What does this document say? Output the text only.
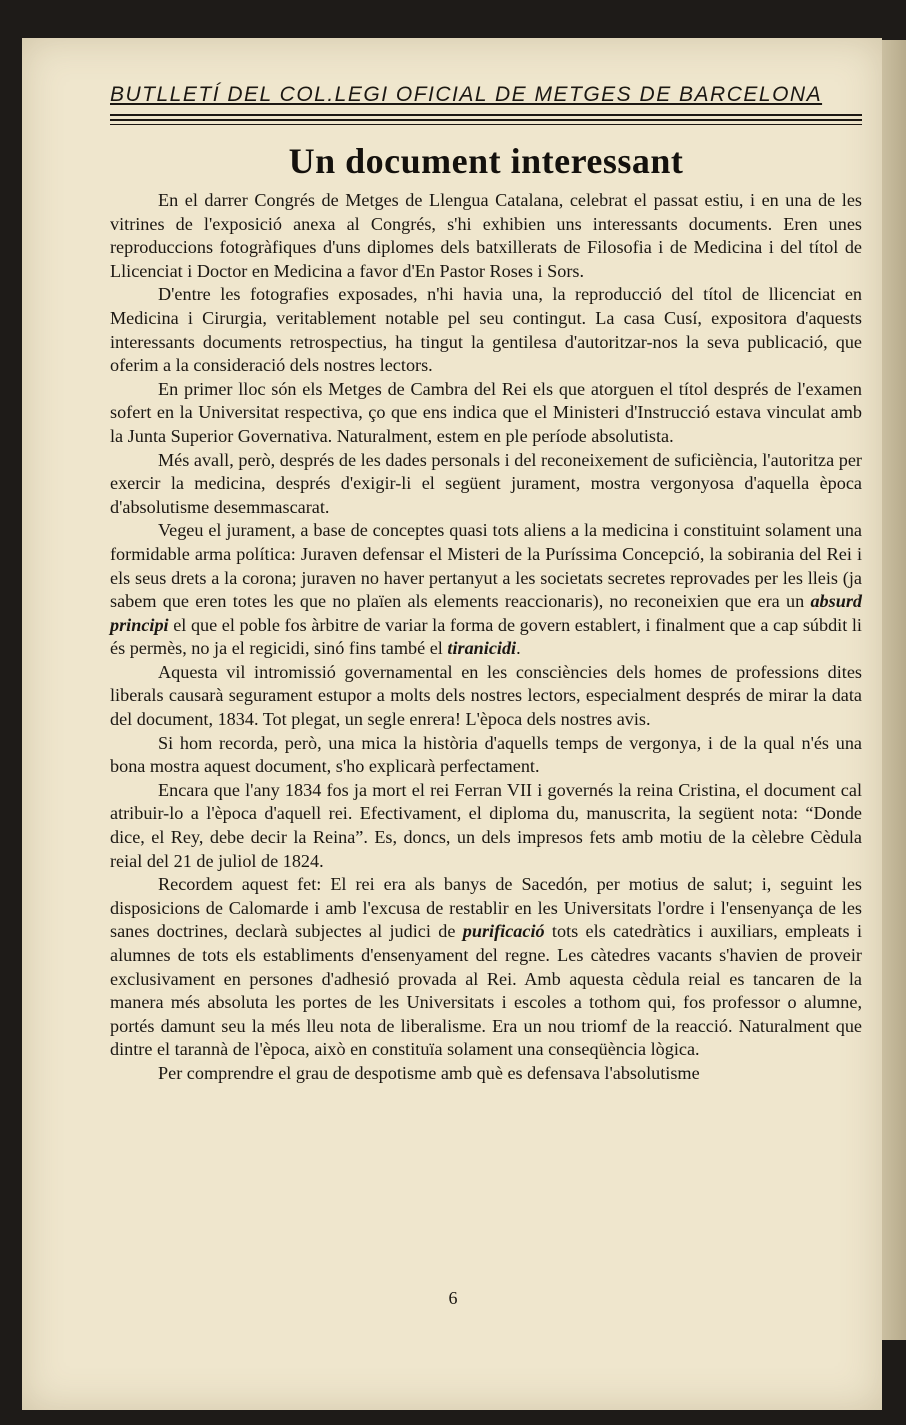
BUTLLETÍ DEL COL.LEGI OFICIAL DE METGES DE BARCELONA
Un document interessant

En el darrer Congrés de Metges de Llengua Catalana, celebrat el passat estiu, i en una de les vitrines de l'exposició anexa al Congrés, s'hi exhibien uns interessants documents. Eren unes reproduccions fotogràfiques d'uns diplomes dels batxillerats de Filosofia i de Medicina i del títol de Llicenciat i Doctor en Medicina a favor d'En Pastor Roses i Sors.

D'entre les fotografies exposades, n'hi havia una, la reproducció del títol de llicenciat en Medicina i Cirurgia, veritablement notable pel seu contingut. La casa Cusí, expositora d'aquests interessants documents retrospectius, ha tingut la gentilesa d'autoritzar-nos la seva publicació, que oferim a la consideració dels nostres lectors.

En primer lloc són els Metges de Cambra del Rei els que atorguen el títol després de l'examen sofert en la Universitat respectiva, ço que ens indica que el Ministeri d'Instrucció estava vinculat amb la Junta Superior Governativa. Naturalment, estem en ple període absolutista.

Més avall, però, després de les dades personals i del reconeixement de suficiència, l'autoritza per exercir la medicina, després d'exigir-li el següent jurament, mostra vergonyosa d'aquella època d'absolutisme desemmascarat.

Vegeu el jurament, a base de conceptes quasi tots aliens a la medicina i constituint solament una formidable arma política: Juraven defensar el Misteri de la Puríssima Concepció, la sobirania del Rei i els seus drets a la corona; juraven no haver pertanyut a les societats secretes reprovades per les lleis (ja sabem que eren totes les que no plaïen als elements reaccionaris), no reconeixien que era un absurd principi el que el poble fos àrbitre de variar la forma de govern establert, i finalment que a cap súbdit li és permès, no ja el regicidi, sinó fins també el tiranicidi.

Aquesta vil intromissió governamental en les consciències dels homes de professions dites liberals causarà segurament estupor a molts dels nostres lectors, especialment després de mirar la data del document, 1834. Tot plegat, un segle enrera! L'època dels nostres avis.

Si hom recorda, però, una mica la història d'aquells temps de vergonya, i de la qual n'és una bona mostra aquest document, s'ho explicarà perfectament.

Encara que l'any 1834 fos ja mort el rei Ferran VII i governés la reina Cristina, el document cal atribuir-lo a l'època d'aquell rei. Efectivament, el diploma du, manuscrita, la següent nota: “Donde dice, el Rey, debe decir la Reina”. Es, doncs, un dels impresos fets amb motiu de la cèlebre Cèdula reial del 21 de juliol de 1824.

Recordem aquest fet: El rei era als banys de Sacedón, per motius de salut; i, seguint les disposicions de Calomarde i amb l'excusa de restablir en les Universitats l'ordre i l'ensenyança de les sanes doctrines, declarà subjectes al judici de purificació tots els catedràtics i auxiliars, empleats i alumnes de tots els establiments d'ensenyament del regne. Les càtedres vacants s'havien de proveir exclusivament en persones d'adhesió provada al Rei. Amb aquesta cèdula reial es tancaren de la manera més absoluta les portes de les Universitats i escoles a tothom qui, fos professor o alumne, portés damunt seu la més lleu nota de liberalisme. Era un nou triomf de la reacció. Naturalment que dintre el tarannà de l'època, això en constituïa solament una conseqüència lògica.

Per comprendre el grau de despotisme amb què es defensava l'absolutisme

6
